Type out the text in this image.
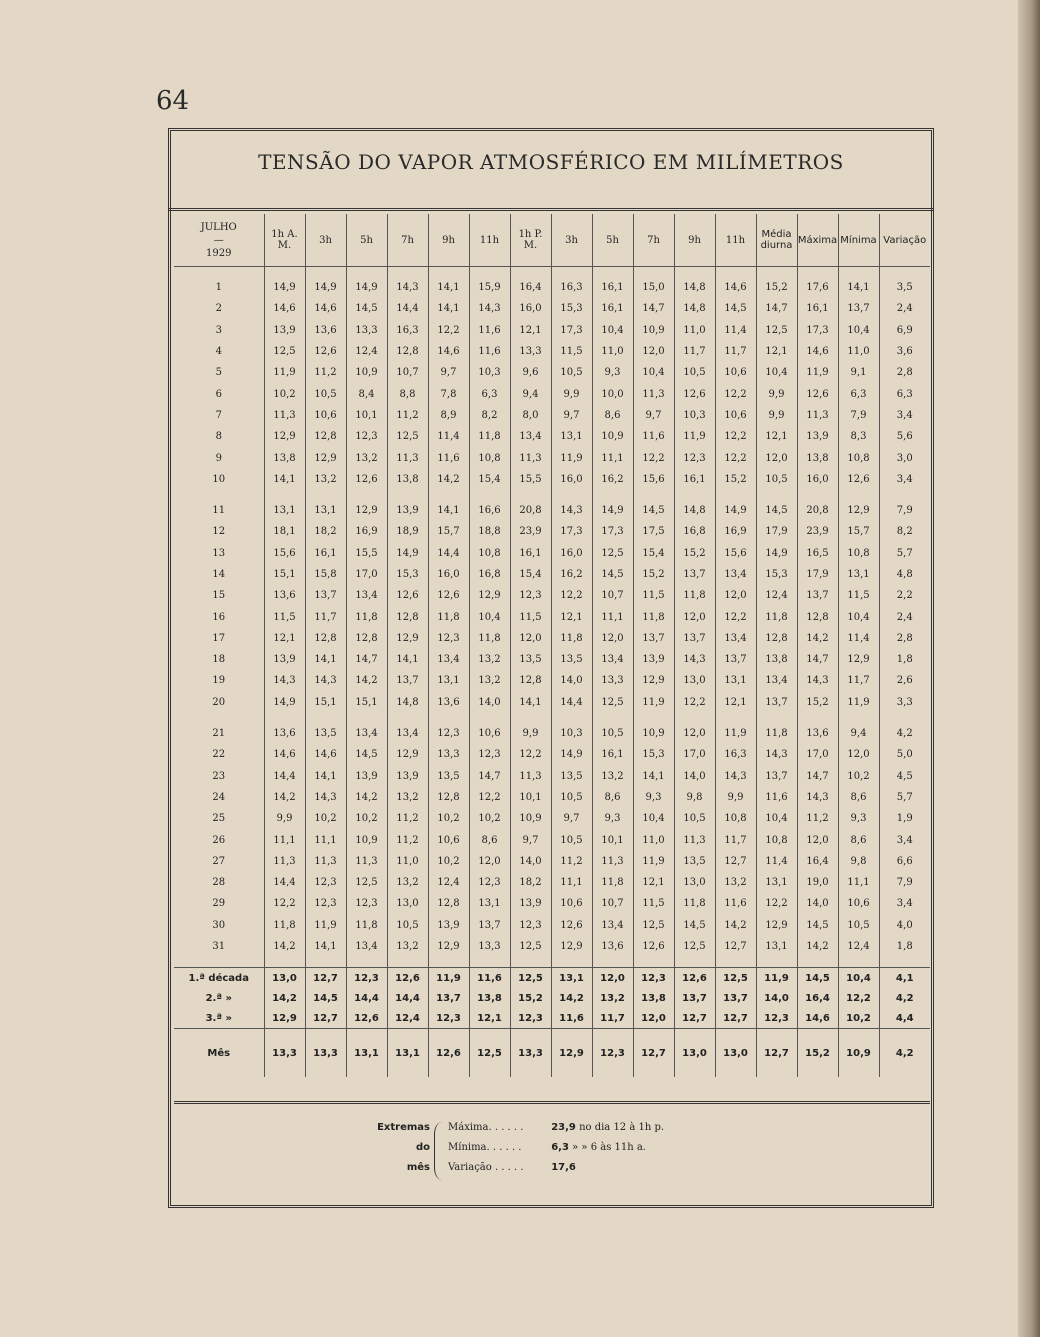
64
TENSÃO DO VAPOR ATMOSFÉRICO EM MILÍMETROS
JULHO
—
1929	1h A. M.	3h	5h	7h	9h	11h	1h P. M.	3h	5h	7h	9h	11h	Média diurna	Máxima	Mínima	Variação

1	14,9	14,9	14,9	14,3	14,1	15,9	16,4	16,3	16,1	15,0	14,8	14,6	15,2	17,6	14,1	3,5
2	14,6	14,6	14,5	14,4	14,1	14,3	16,0	15,3	16,1	14,7	14,8	14,5	14,7	16,1	13,7	2,4
3	13,9	13,6	13,3	16,3	12,2	11,6	12,1	17,3	10,4	10,9	11,0	11,4	12,5	17,3	10,4	6,9
4	12,5	12,6	12,4	12,8	14,6	11,6	13,3	11,5	11,0	12,0	11,7	11,7	12,1	14,6	11,0	3,6
5	11,9	11,2	10,9	10,7	9,7	10,3	9,6	10,5	9,3	10,4	10,5	10,6	10,4	11,9	9,1	2,8
6	10,2	10,5	8,4	8,8	7,8	6,3	9,4	9,9	10,0	11,3	12,6	12,2	9,9	12,6	6,3	6,3
7	11,3	10,6	10,1	11,2	8,9	8,2	8,0	9,7	8,6	9,7	10,3	10,6	9,9	11,3	7,9	3,4
8	12,9	12,8	12,3	12,5	11,4	11,8	13,4	13,1	10,9	11,6	11,9	12,2	12,1	13,9	8,3	5,6
9	13,8	12,9	13,2	11,3	11,6	10,8	11,3	11,9	11,1	12,2	12,3	12,2	12,0	13,8	10,8	3,0
10	14,1	13,2	12,6	13,8	14,2	15,4	15,5	16,0	16,2	15,6	16,1	15,2	10,5	16,0	12,6	3,4

11	13,1	13,1	12,9	13,9	14,1	16,6	20,8	14,3	14,9	14,5	14,8	14,9	14,5	20,8	12,9	7,9
12	18,1	18,2	16,9	18,9	15,7	18,8	23,9	17,3	17,3	17,5	16,8	16,9	17,9	23,9	15,7	8,2
13	15,6	16,1	15,5	14,9	14,4	10,8	16,1	16,0	12,5	15,4	15,2	15,6	14,9	16,5	10,8	5,7
14	15,1	15,8	17,0	15,3	16,0	16,8	15,4	16,2	14,5	15,2	13,7	13,4	15,3	17,9	13,1	4,8
15	13,6	13,7	13,4	12,6	12,6	12,9	12,3	12,2	10,7	11,5	11,8	12,0	12,4	13,7	11,5	2,2
16	11,5	11,7	11,8	12,8	11,8	10,4	11,5	12,1	11,1	11,8	12,0	12,2	11,8	12,8	10,4	2,4
17	12,1	12,8	12,8	12,9	12,3	11,8	12,0	11,8	12,0	13,7	13,7	13,4	12,8	14,2	11,4	2,8
18	13,9	14,1	14,7	14,1	13,4	13,2	13,5	13,5	13,4	13,9	14,3	13,7	13,8	14,7	12,9	1,8
19	14,3	14,3	14,2	13,7	13,1	13,2	12,8	14,0	13,3	12,9	13,0	13,1	13,4	14,3	11,7	2,6
20	14,9	15,1	15,1	14,8	13,6	14,0	14,1	14,4	12,5	11,9	12,2	12,1	13,7	15,2	11,9	3,3

21	13,6	13,5	13,4	13,4	12,3	10,6	9,9	10,3	10,5	10,9	12,0	11,9	11,8	13,6	9,4	4,2
22	14,6	14,6	14,5	12,9	13,3	12,3	12,2	14,9	16,1	15,3	17,0	16,3	14,3	17,0	12,0	5,0
23	14,4	14,1	13,9	13,9	13,5	14,7	11,3	13,5	13,2	14,1	14,0	14,3	13,7	14,7	10,2	4,5
24	14,2	14,3	14,2	13,2	12,8	12,2	10,1	10,5	8,6	9,3	9,8	9,9	11,6	14,3	8,6	5,7
25	9,9	10,2	10,2	11,2	10,2	10,2	10,9	9,7	9,3	10,4	10,5	10,8	10,4	11,2	9,3	1,9
26	11,1	11,1	10,9	11,2	10,6	8,6	9,7	10,5	10,1	11,0	11,3	11,7	10,8	12,0	8,6	3,4
27	11,3	11,3	11,3	11,0	10,2	12,0	14,0	11,2	11,3	11,9	13,5	12,7	11,4	16,4	9,8	6,6
28	14,4	12,3	12,5	13,2	12,4	12,3	18,2	11,1	11,8	12,1	13,0	13,2	13,1	19,0	11,1	7,9
29	12,2	12,3	12,3	13,0	12,8	13,1	13,9	10,6	10,7	11,5	11,8	11,6	12,2	14,0	10,6	3,4
30	11,8	11,9	11,8	10,5	13,9	13,7	12,3	12,6	13,4	12,5	14,5	14,2	12,9	14,5	10,5	4,0
31	14,2	14,1	13,4	13,2	12,9	13,3	12,5	12,9	13,6	12,6	12,5	12,7	13,1	14,2	12,4	1,8

1.ª década	13,0	12,7	12,3	12,6	11,9	11,6	12,5	13,1	12,0	12,3	12,6	12,5	11,9	14,5	10,4	4,1
2.ª »	14,2	14,5	14,4	14,4	13,7	13,8	15,2	14,2	13,2	13,8	13,7	13,7	14,0	16,4	12,2	4,2
3.ª »	12,9	12,7	12,6	12,4	12,3	12,1	12,3	11,6	11,7	12,0	12,7	12,7	12,3	14,6	10,2	4,4
Mês	13,3	13,3	13,1	13,1	12,6	12,5	13,3	12,9	12,3	12,7	13,0	13,0	12,7	15,2	10,9	4,2
Extremas
do
mês
Máxima. . . . . .	23,9 no dia 12 à 1h p.
Mínima. . . . . .	6,3 » » 6 às 11h a.
Variação . . . . .	17,6
